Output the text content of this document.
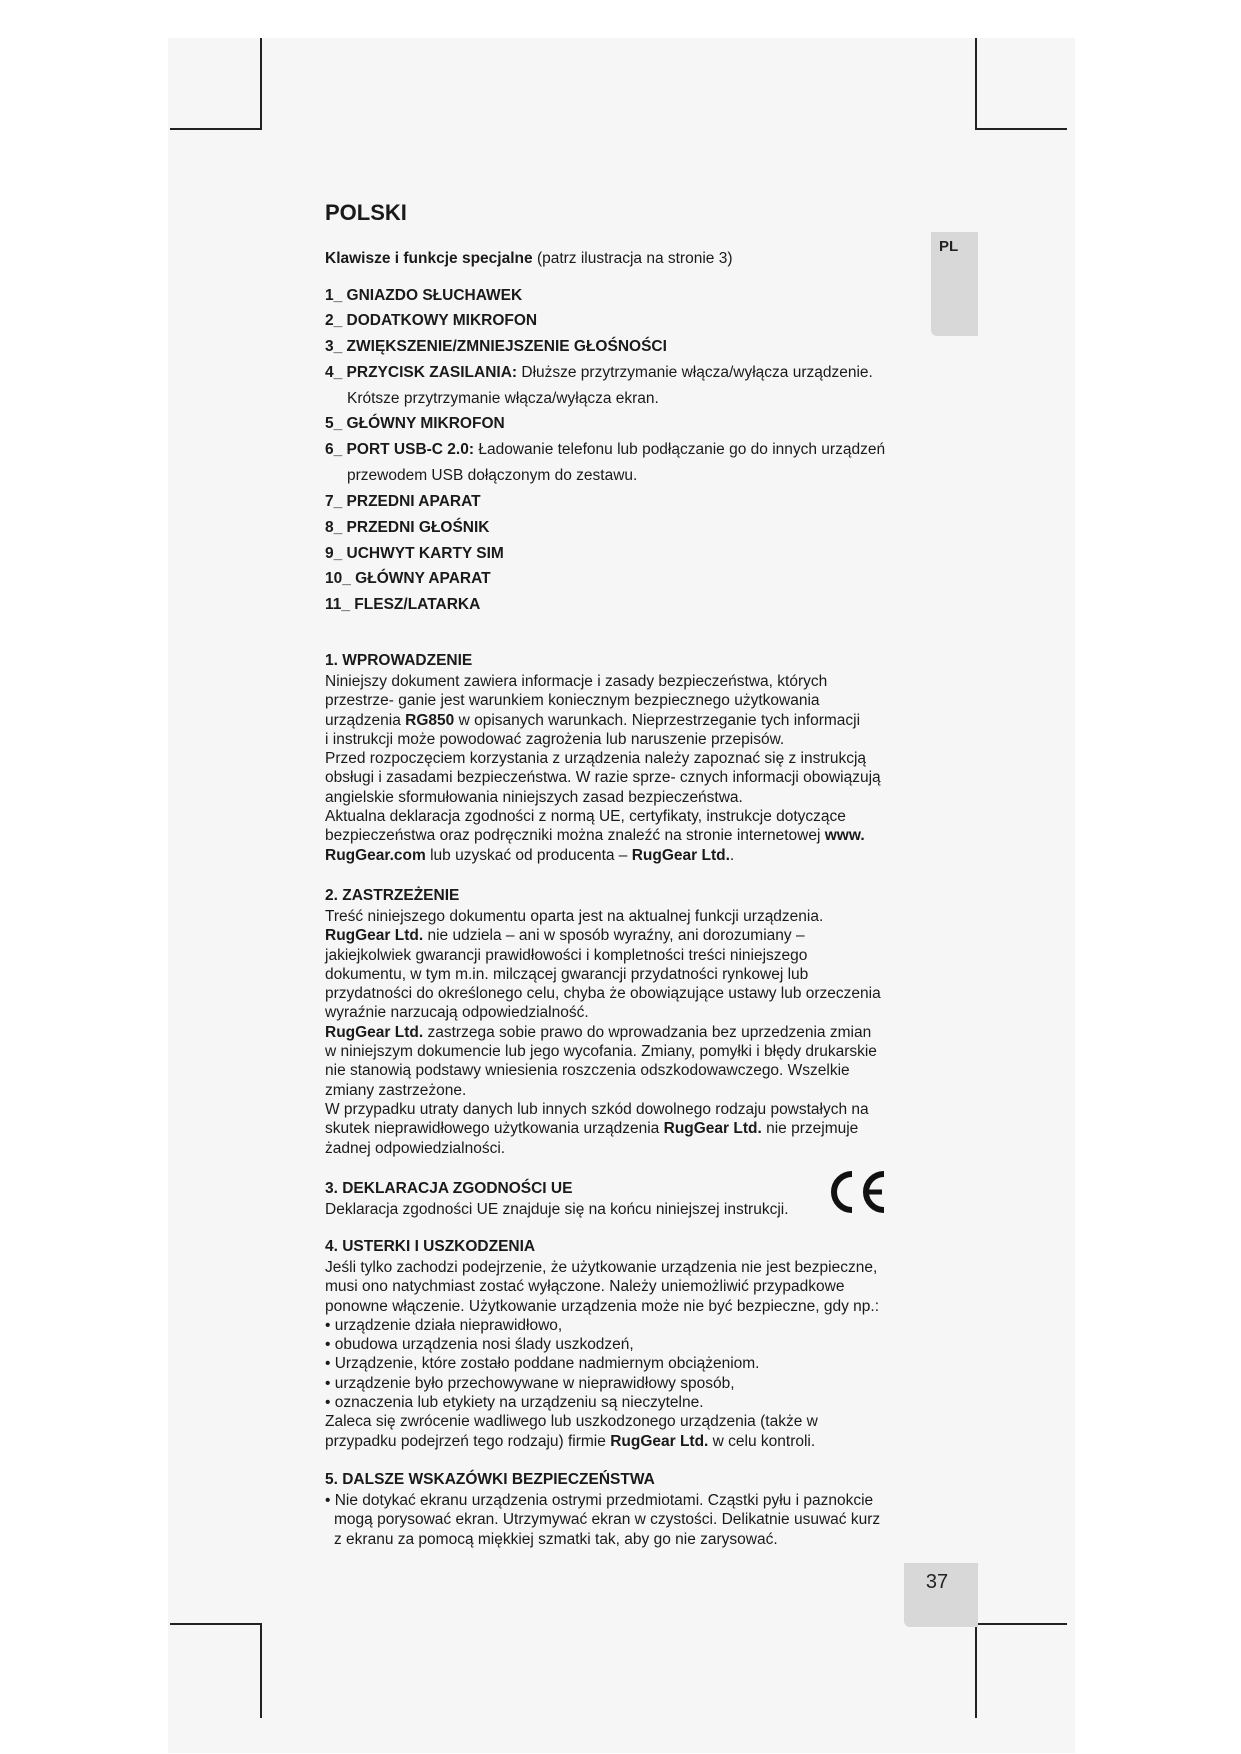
POLSKI

Klawisze i funkcje specjalne (patrz ilustracja na stronie 3)

PL
1_ GNIAZDO SŁUCHAWEK
2_ DODATKOWY MIKROFON
3_ ZWIĘKSZENIE/ZMNIEJSZENIE GŁOŚNOŚCI
4_ PRZYCISK ZASILANIA: Dłuższe przytrzymanie włącza/wyłącza urządzenie.
Krótsze przytrzymanie włącza/wyłącza ekran.
5_ GŁÓWNY MIKROFON
6_ PORT USB-C 2.0: Ładowanie telefonu lub podłączanie go do innych urządzeń
przewodem USB dołączonym do zestawu.
7_ PRZEDNI APARAT
8_ PRZEDNI GŁOŚNIK
9_ UCHWYT KARTY SIM
10_ GŁÓWNY APARAT
11_ FLESZ/LATARKA
1. WPROWADZENIE

Niniejszy dokument zawiera informacje i zasady bezpieczeństwa, których

przestrze- ganie jest warunkiem koniecznym bezpiecznego użytkowania

urządzenia RG850 w opisanych warunkach. Nieprzestrzeganie tych informacji

i instrukcji może powodować zagrożenia lub naruszenie przepisów.

Przed rozpoczęciem korzystania z urządzenia należy zapoznać się z instrukcją

obsługi i zasadami bezpieczeństwa. W razie sprze- cznych informacji obowiązują

angielskie sformułowania niniejszych zasad bezpieczeństwa.

Aktualna deklaracja zgodności z normą UE, certyfikaty, instrukcje dotyczące

bezpieczeństwa oraz podręczniki można znaleźć na stronie internetowej www.

RugGear.com lub uzyskać od producenta – RugGear Ltd..

2. ZASTRZEŻENIE

Treść niniejszego dokumentu oparta jest na aktualnej funkcji urządzenia.

RugGear Ltd. nie udziela – ani w sposób wyraźny, ani dorozumiany –

jakiejkolwiek gwarancji prawidłowości i kompletności treści niniejszego

dokumentu, w tym m.in. milczącej gwarancji przydatności rynkowej lub

przydatności do określonego celu, chyba że obowiązujące ustawy lub orzeczenia

wyraźnie narzucają odpowiedzialność.

RugGear Ltd. zastrzega sobie prawo do wprowadzania bez uprzedzenia zmian

w niniejszym dokumencie lub jego wycofania. Zmiany, pomyłki i błędy drukarskie

nie stanowią podstawy wniesienia roszczenia odszkodowawczego. Wszelkie

zmiany zastrzeżone.

W przypadku utraty danych lub innych szkód dowolnego rodzaju powstałych na

skutek nieprawidłowego użytkowania urządzenia RugGear Ltd. nie przejmuje

żadnej odpowiedzialności.

3. DEKLARACJA ZGODNOŚCI UE

Deklaracja zgodności UE znajduje się na końcu niniejszej instrukcji.

4. USTERKI I USZKODZENIA

Jeśli tylko zachodzi podejrzenie, że użytkowanie urządzenia nie jest bezpieczne,

musi ono natychmiast zostać wyłączone. Należy uniemożliwić przypadkowe

ponowne włączenie. Użytkowanie urządzenia może nie być bezpieczne, gdy np.:

• urządzenie działa nieprawidłowo,

• obudowa urządzenia nosi ślady uszkodzeń,

• Urządzenie, które zostało poddane nadmiernym obciążeniom.

• urządzenie było przechowywane w nieprawidłowy sposób,

• oznaczenia lub etykiety na urządzeniu są nieczytelne.

Zaleca się zwrócenie wadliwego lub uszkodzonego urządzenia (także w

przypadku podejrzeń tego rodzaju) firmie RugGear Ltd. w celu kontroli.

5. DALSZE WSKAZÓWKI BEZPIECZEŃSTWA

• Nie dotykać ekranu urządzenia ostrymi przedmiotami. Cząstki pyłu i paznokcie

mogą porysować ekran. Utrzymywać ekran w czystości. Delikatnie usuwać kurz

z ekranu za pomocą miękkiej szmatki tak, aby go nie zarysować.

37
